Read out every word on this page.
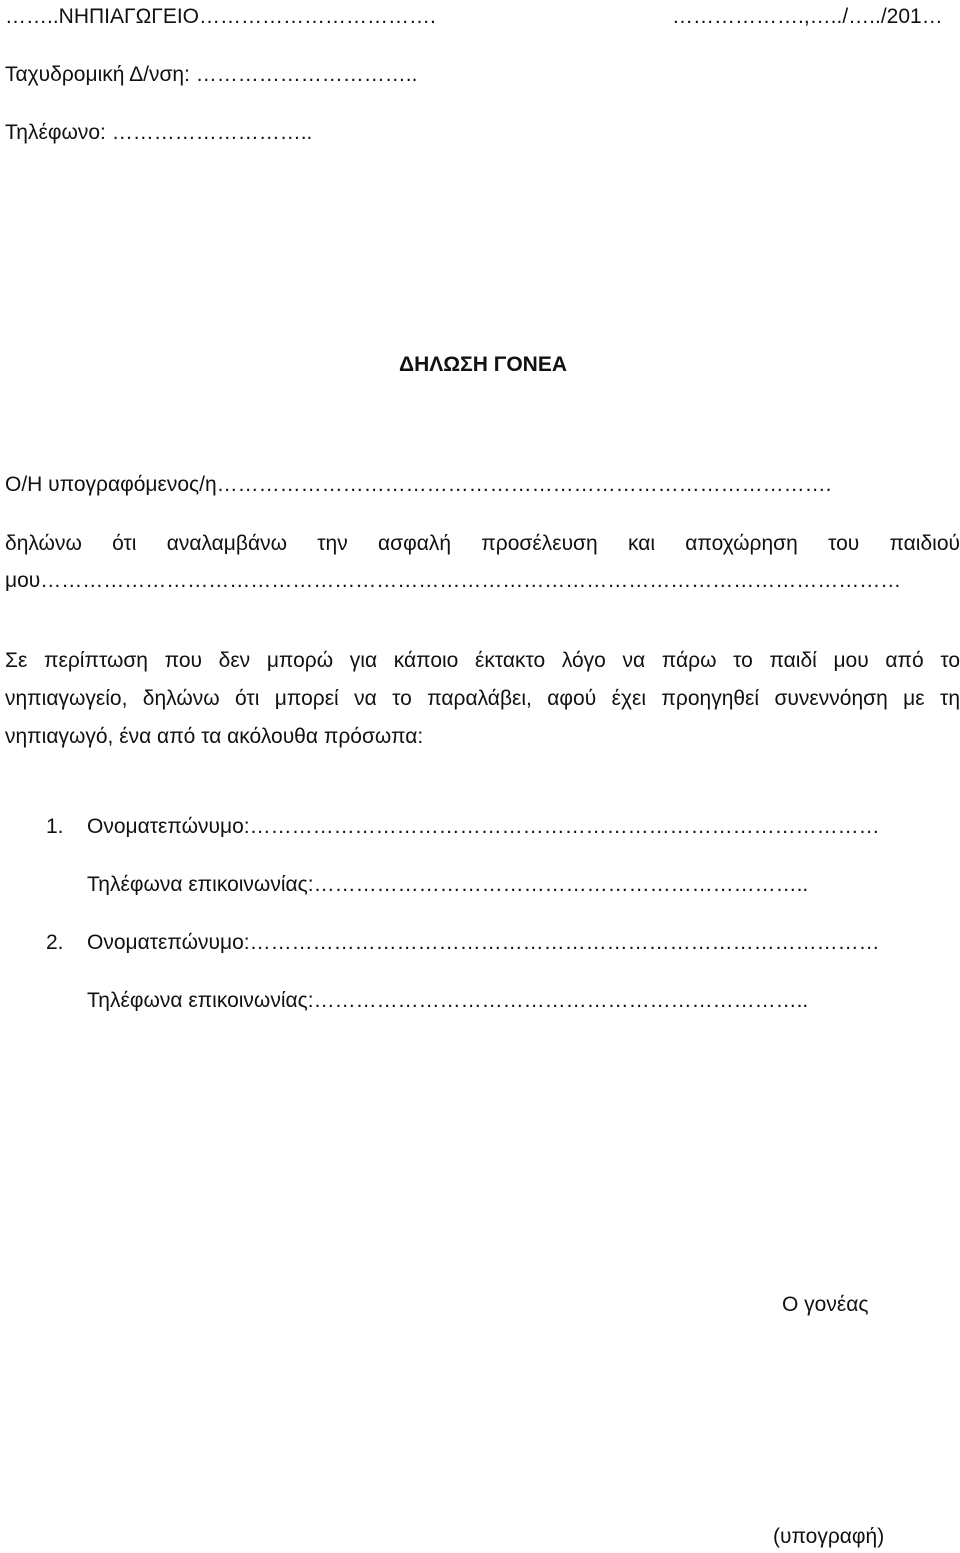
……..ΝΗΠΙΑΓΩΓΕΙΟ…………………………….	……………….,…../…../201…
Ταχυδρομική Δ/νση: …………………………..
Τηλέφωνο: ………………………..
ΔΗΛΩΣΗ ΓΟΝΕΑ
Ο/Η υπογραφόμενος/η…………………………………………………………………………….
δηλώνω ότι αναλαμβάνω την ασφαλή προσέλευση και αποχώρηση του παιδιού
μου……………………………………………………………………………………………………………
Σε περίπτωση που δεν μπορώ για κάποιο έκτακτο λόγο να πάρω το παιδί μου από το
νηπιαγωγείο, δηλώνω ότι μπορεί να το παραλάβει, αφού έχει προηγηθεί συνεννόηση με τη
νηπιαγωγό, ένα από τα ακόλουθα πρόσωπα:
1. Ονοματεπώνυμο:………………………………………………………………………………
Τηλέφωνα επικοινωνίας:……………………………………………………………..
2. Ονοματεπώνυμο:………………………………………………………………………………
Τηλέφωνα επικοινωνίας:……………………………………………………………..
Ο γονέας
(υπογραφή)
